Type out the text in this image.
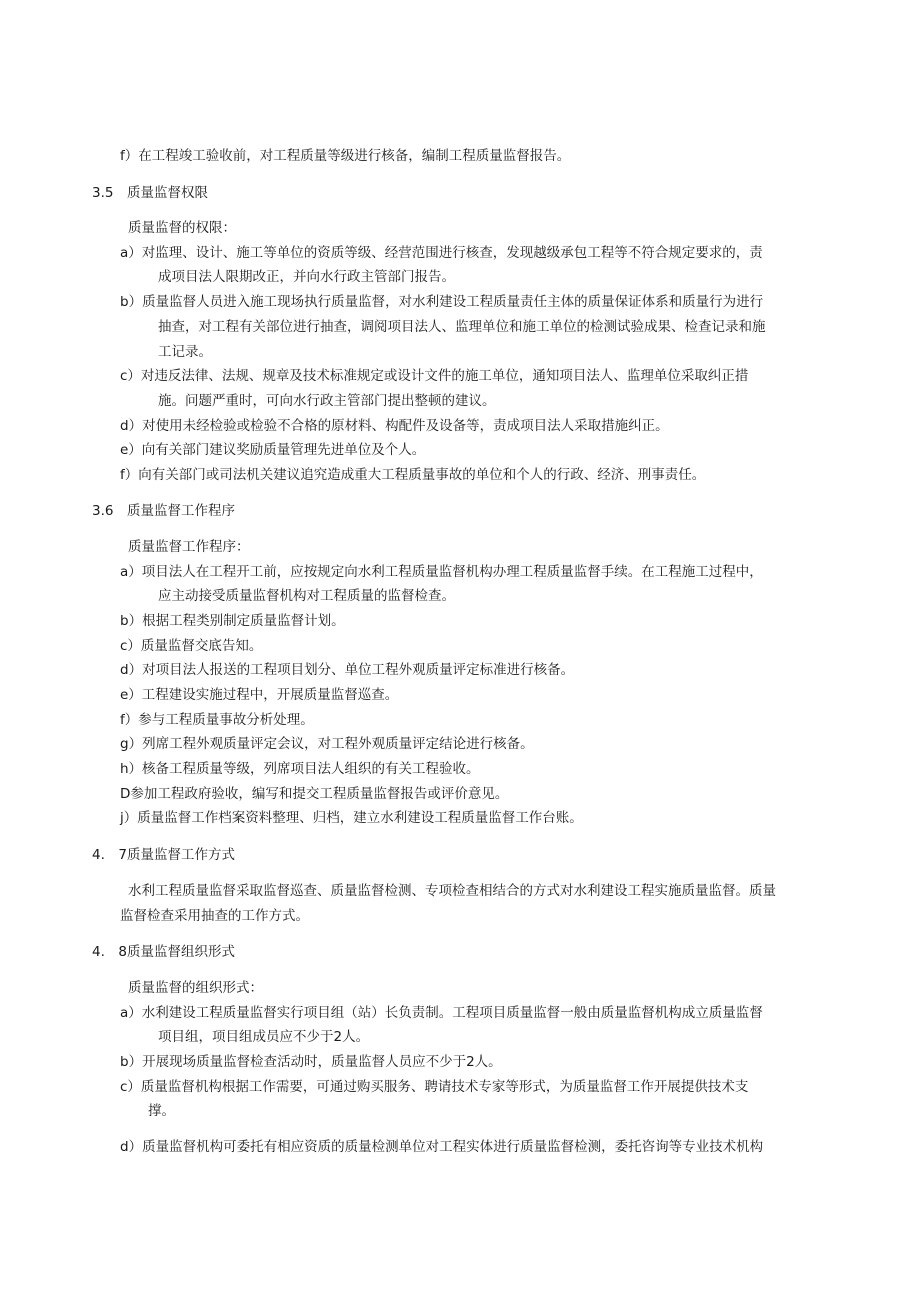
f）在工程竣工验收前，对工程质量等级进行核备，编制工程质量监督报告。
3.5　质量监督权限
质量监督的权限：
a）对监理、设计、施工等单位的资质等级、经营范围进行核查，发现越级承包工程等不符合规定要求的，责
成项目法人限期改正，并向水行政主管部门报告。
b）质量监督人员进入施工现场执行质量监督，对水利建设工程质量责任主体的质量保证体系和质量行为进行
抽查，对工程有关部位进行抽查，调阅项目法人、监理单位和施工单位的检测试验成果、检查记录和施
工记录。
c）对违反法律、法规、规章及技术标准规定或设计文件的施工单位，通知项目法人、监理单位采取纠正措
施。问题严重时，可向水行政主管部门提出整顿的建议。
d）对使用未经检验或检验不合格的原材料、构配件及设备等，责成项目法人采取措施纠正。
e）向有关部门建议奖励质量管理先进单位及个人。
f）向有关部门或司法机关建议追究造成重大工程质量事故的单位和个人的行政、经济、刑事责任。
3.6　质量监督工作程序
质量监督工作程序：
a）项目法人在工程开工前，应按规定向水利工程质量监督机构办理工程质量监督手续。在工程施工过程中，
应主动接受质量监督机构对工程质量的监督检查。
b）根据工程类别制定质量监督计划。
c）质量监督交底告知。
d）对项目法人报送的工程项目划分、单位工程外观质量评定标准进行核备。
e）工程建设实施过程中，开展质量监督巡查。
f）参与工程质量事故分析处理。
g）列席工程外观质量评定会议，对工程外观质量评定结论进行核备。
h）核备工程质量等级，列席项目法人组织的有关工程验收。
D参加工程政府验收，编写和提交工程质量监督报告或评价意见。
j）质量监督工作档案资料整理、归档，建立水利建设工程质量监督工作台账。
4.　7质量监督工作方式
水利工程质量监督采取监督巡查、质量监督检测、专项检查相结合的方式对水利建设工程实施质量监督。质量
监督检查采用抽查的工作方式。
4.　8质量监督组织形式
质量监督的组织形式：
a）水利建设工程质量监督实行项目组（站）长负责制。工程项目质量监督一般由质量监督机构成立质量监督
项目组，项目组成员应不少于2人。
b）开展现场质量监督检查活动时，质量监督人员应不少于2人。
c）质量监督机构根据工作需要，可通过购买服务、聘请技术专家等形式，为质量监督工作开展提供技术支
撑。
d）质量监督机构可委托有相应资质的质量检测单位对工程实体进行质量监督检测，委托咨询等专业技术机构
